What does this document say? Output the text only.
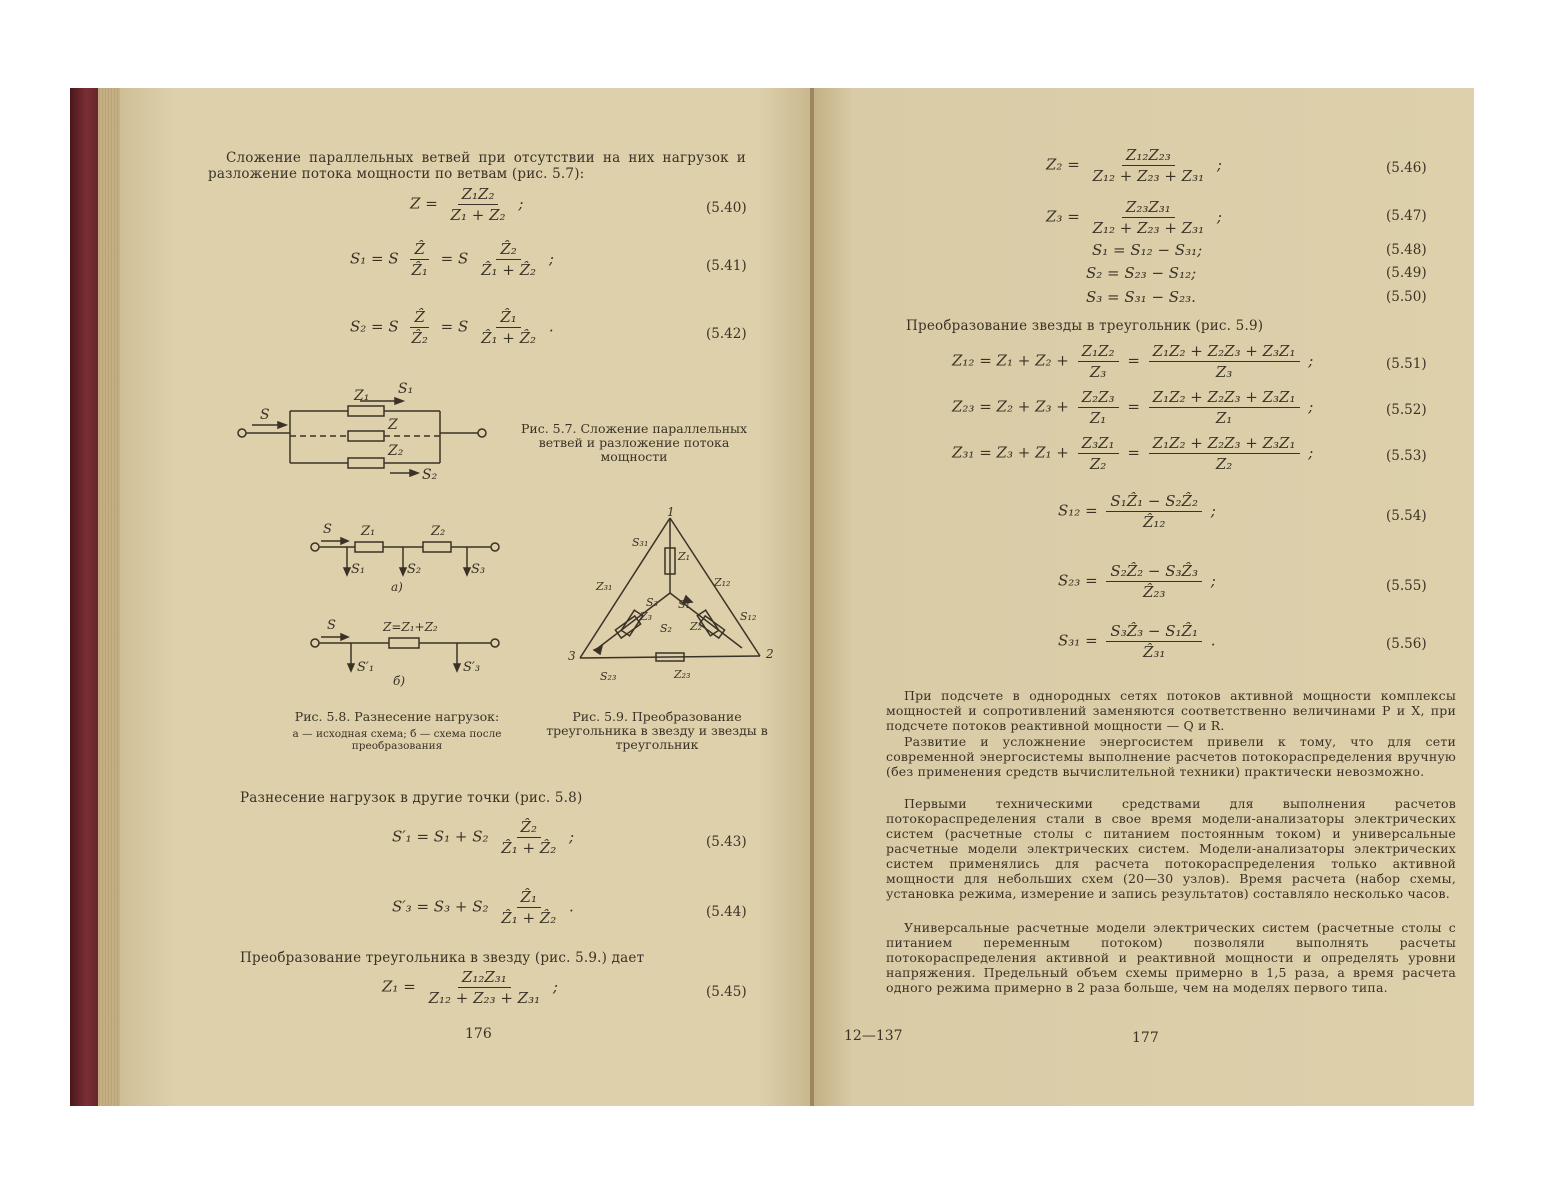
Сложение параллельных ветвей при отсутствии на них нагрузок и разложение потока мощности по ветвам (рис. 5.7):
$Z = \frac{\text{Z₁Z₂}}{\text{Z₁ + Z₂}}$ ;	(5.40)
S₁ = S $\frac{\text{Ẑ}}{\text{Ẑ₁}} = S \frac{\text{Ẑ₂}}{\text{Ẑ₁ + Ẑ₂}}$ ;	(5.41)
S₂ = S $\frac{\text{Ẑ}}{\text{Ẑ₂}} = S \frac{\text{Ẑ₁}}{\text{Ẑ₁ + Ẑ₂}}$ .	(5.42)
S
Z₁ S₁
Z
Z₂
S₂
Рис. 5.7. Сложение параллельных ветвей и разложение потока мощности
S Z₁	Z₂
S₁	S₂	S₃
а)
S	Z=Z₁+Z₂
S′₁	S′₃
б)
Рис. 5.8. Разнесение нагрузок:
а — исходная схема; б — схема после преобразования
1
2
3
S₃₁
Z₃₁
Z₁
Z₁₂
S₁
S₃
Z₃
S₂ Z₂
S₁₂
S₂₃	Z₂₃
Рис. 5.9. Преобразование треугольника в звезду и звезды в треугольник
Разнесение нагрузок в другие точки (рис. 5.8)
$S'_1 = S_1 + S_2 \frac{\text{Ẑ₂}}{\text{Ẑ₁ + Ẑ₂}}$ ;	(5.43)
$S'_3 = S_3 + S_2 \frac{\text{Ẑ₁}}{\text{Ẑ₁ + Ẑ₂}}$ .	(5.44)
Преобразование треугольника в звезду (рис. 5.9.) дает
$Z_1 = \frac{\text{Z₁₂Z₃₁}}{\text{Z₁₂ + Z₂₃ + Z₃₁}}$ ;	(5.45)
176
$Z_2 = \frac{\text{Z₁₂Z₂₃}}{\text{Z₁₂ + Z₂₃ + Z₃₁}}$ ;	(5.46)
$Z_3 = \frac{\text{Z₂₃Z₃₁}}{\text{Z₁₂ + Z₂₃ + Z₃₁}}$ ;	(5.47)
S₁ = S₁₂ − S₃₁;	(5.48)
S₂ = S₂₃ − S₁₂;	(5.49)
S₃ = S₃₁ − S₂₃.	(5.50)
Преобразование звезды в треугольник (рис. 5.9)
$Z_{12} = Z_1 + Z_2 + \frac{\text{Z₁Z₂}}{\text{Z₃}} = \frac{\text{Z₁Z₂ + Z₂Z₃ + Z₃Z₁}}{\text{Z₃}}$ ;	(5.51)
$Z_{23} = Z_2 + Z_3 + \frac{\text{Z₂Z₃}}{\text{Z₁}} = \frac{\text{Z₁Z₂ + Z₂Z₃ + Z₃Z₁}}{\text{Z₁}}$ ;	(5.52)
$Z_{31} = Z_3 + Z_1 + \frac{\text{Z₃Z₁}}{\text{Z₂}} = \frac{\text{Z₁Z₂ + Z₂Z₃ + Z₃Z₁}}{\text{Z₂}}$ ;	(5.53)
$S_{12} = \frac{\text{S₁Ẑ₁ − S₂Ẑ₂}}{\text{Ẑ₁₂}}$ ;	(5.54)
$S_{23} = \frac{\text{S₂Ẑ₂ − S₃Ẑ₃}}{\text{Ẑ₂₃}}$ ;	(5.55)
$S_{31} = \frac{\text{S₃Ẑ₃ − S₁Ẑ₁}}{\text{Ẑ₃₁}}$ .	(5.56)
При подсчете в однородных сетях потоков активной мощности комплексы мощностей и сопротивлений заменяются соответственно величинами P и X, при подсчете потоков реактивной мощности — Q и R.
Развитие и усложнение энергосистем привели к тому, что для сети современной энергосистемы выполнение расчетов потокораспределения вручную (без применения средств вычислительной техники) практически невозможно.
Первыми техническими средствами для выполнения расчетов потокораспределения стали в свое время модели-анализаторы электрических систем (расчетные столы с питанием постоянным током) и универсальные расчетные модели электрических систем. Модели-анализаторы электрических систем применялись для расчета потокораспределения только активной мощности для небольших схем (20—30 узлов). Время расчета (набор схемы, установка режима, измерение и запись результатов) составляло несколько часов.
Универсальные расчетные модели электрических систем (расчетные столы с питанием переменным потоком) позволяли выполнять расчеты потокораспределения активной и реактивной мощности и определять уровни напряжения. Предельный объем схемы примерно в 1,5 раза, а время расчета одного режима примерно в 2 раза больше, чем на моделях первого типа.
12—137	177
